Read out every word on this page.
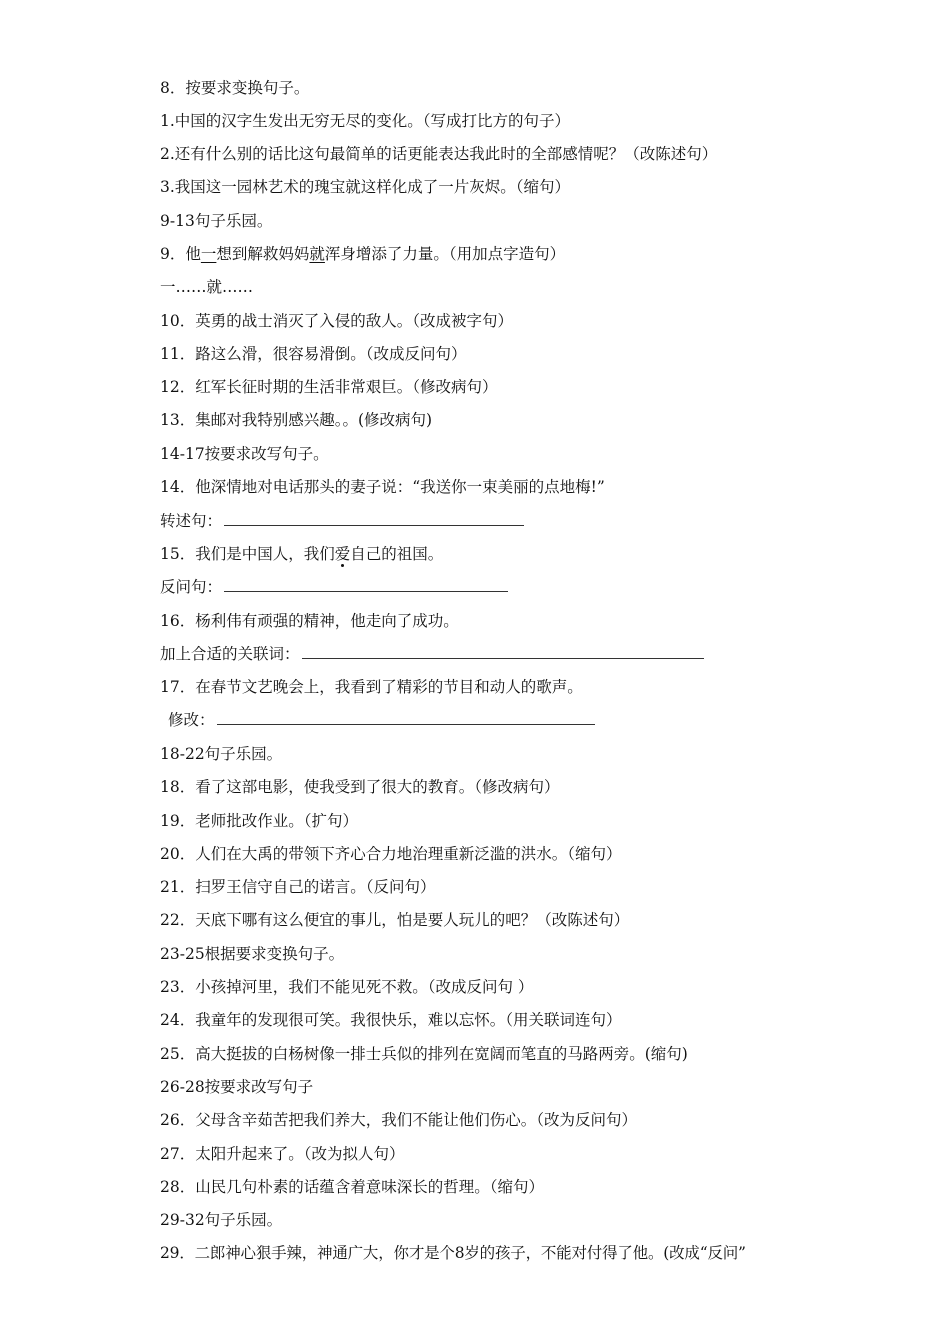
8．按要求变换句子。
1.中国的汉字生发出无穷无尽的变化。（写成打比方的句子）
2.还有什么别的话比这句最简单的话更能表达我此时的全部感情呢？（改陈述句）
3.我国这一园林艺术的瑰宝就这样化成了一片灰烬。（缩句）
9-13句子乐园。
9．他一想到解救妈妈就浑身增添了力量。（用加点字造句）
一……就……
10．英勇的战士消灭了入侵的敌人。（改成被字句）
11．路这么滑，很容易滑倒。（改成反问句）
12．红军长征时期的生活非常艰巨。（修改病句）
13．集邮对我特别感兴趣。。(修改病句)
14-17按要求改写句子。
14．他深情地对电话那头的妻子说：“我送你一束美丽的点地梅!”
转述句：
15．我们是中国人，我们爱自己的祖国。
反问句：
16．杨利伟有顽强的精神，他走向了成功。
加上合适的关联词：
17．在春节文艺晚会上，我看到了精彩的节目和动人的歌声。
修改：
18-22句子乐园。
18．看了这部电影，使我受到了很大的教育。（修改病句）
19．老师批改作业。（扩句）
20．人们在大禹的带领下齐心合力地治理重新泛滥的洪水。（缩句）
21．扫罗王信守自己的诺言。（反问句）
22．天底下哪有这么便宜的事儿，怕是要人玩儿的吧？（改陈述句）
23-25根据要求变换句子。
23．小孩掉河里，我们不能见死不救。（改成反问句 ）
24．我童年的发现很可笑。我很快乐，难以忘怀。（用关联词连句）
25．高大挺拔的白杨树像一排士兵似的排列在宽阔而笔直的马路两旁。(缩句)
26-28按要求改写句子
26．父母含辛茹苦把我们养大，我们不能让他们伤心。（改为反问句）
27．太阳升起来了。（改为拟人句）
28．山民几句朴素的话蕴含着意味深长的哲理。（缩句）
29-32句子乐园。
29．二郎神心狠手辣，神通广大，你才是个8岁的孩子，不能对付得了他。(改成“反问”
